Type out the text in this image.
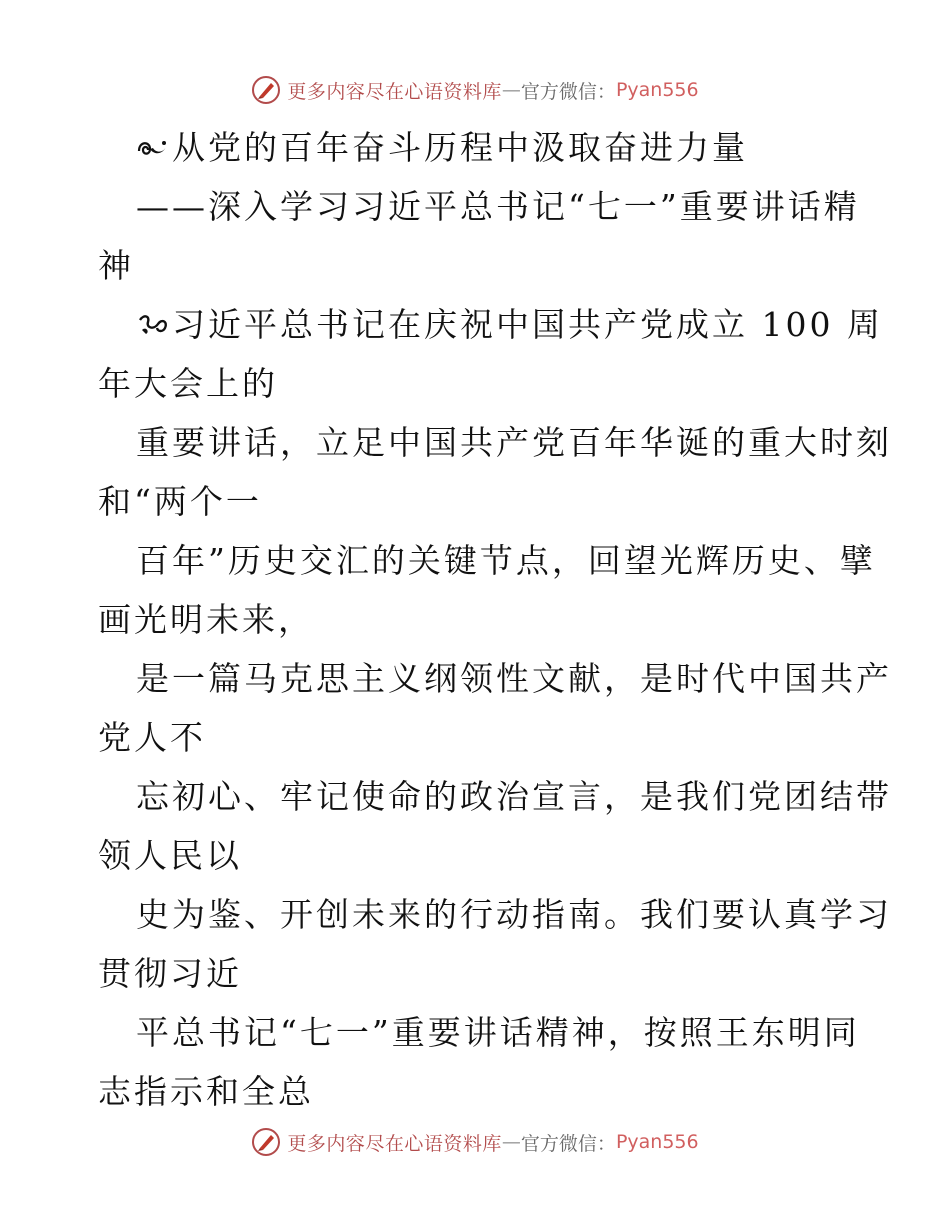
更多内容尽在心语资料库 — 官方微信： Pyan556
从党的百年奋斗历程中汲取奋进力量
——深入学习习近平总书记“七一”重要讲话精
神
习近平总书记在庆祝中国共产党成立 100 周
年大会上的
重要讲话，立足中国共产党百年华诞的重大时刻
和“两个一
百年”历史交汇的关键节点，回望光辉历史、擘
画光明未来，
是一篇马克思主义纲领性文献，是时代中国共产
党人不
忘初心、牢记使命的政治宣言，是我们党团结带
领人民以
史为鉴、开创未来的行动指南。我们要认真学习
贯彻习近
平总书记“七一”重要讲话精神，按照王东明同
志指示和全总
更多内容尽在心语资料库 — 官方微信： Pyan556
